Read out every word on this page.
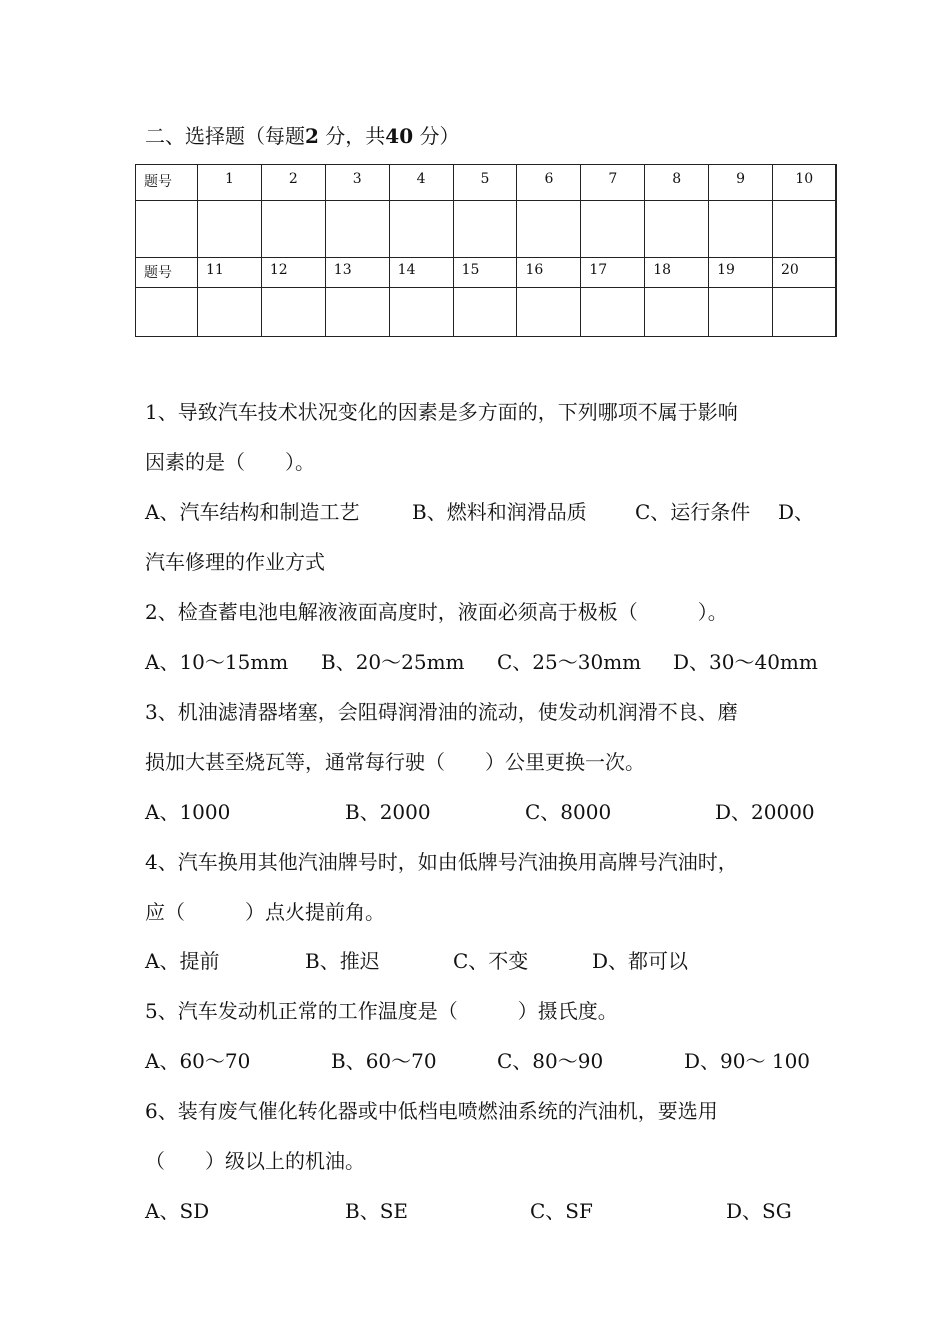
二、选择题（每题2 分，共40 分）
题号	1	2	3	4	5	6	7	8	9	10

题号	11	12	13	14	15	16	17	18	19	20

1、导致汽车技术状况变化的因素是多方面的，下列哪项不属于影响
因素的是（　　）。
A、汽车结构和制造工艺	B、燃料和润滑品质 C、运行条件 D、
汽车修理的作业方式
2、检查蓄电池电解液液面高度时，液面必须高于极板（　　　）。
A、10～15mm B、20～25mm C、25～30mm D、30～40mm
3、机油滤清器堵塞，会阻碍润滑油的流动，使发动机润滑不良、磨
损加大甚至烧瓦等，通常每行驶（　　）公里更换一次。
A、1000	B、2000	C、8000	D、20000
4、汽车换用其他汽油牌号时，如由低牌号汽油换用高牌号汽油时，
应（　　　）点火提前角。
A、提前	B、推迟	C、不变	D、都可以
5、汽车发动机正常的工作温度是（　　　）摄氏度。
A、60～70	B、60～70	C、80～90	D、90～ 100
6、装有废气催化转化器或中低档电喷燃油系统的汽油机，要选用
（　　）级以上的机油。
A、SD	B、SE	C、SF	D、SG
